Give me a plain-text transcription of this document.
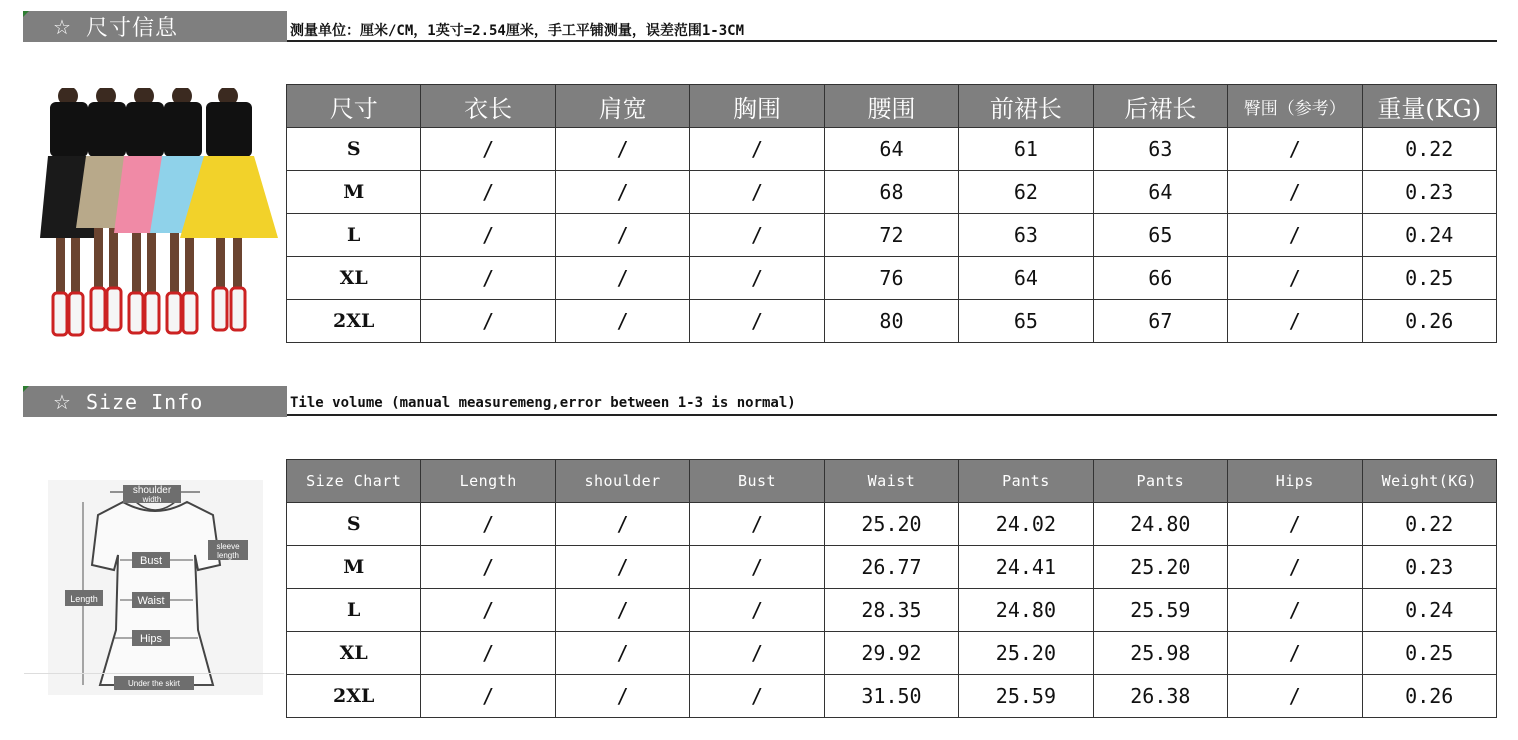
☆ 尺寸信息	测量单位：厘米/CM，1英寸=2.54厘米，手工平铺测量，误差范围1-3CM
尺寸	衣长	肩宽	胸围	腰围	前裙长	后裙长	臀围（参考）	重量(KG)
S	/	/	/	64	61	63	/	0.22
M	/	/	/	68	62	64	/	0.23
L	/	/	/	72	63	65	/	0.24
XL	/	/	/	76	64	66	/	0.25
2XL	/	/	/	80	65	67	/	0.26
☆ Size Info	Tile volume (manual measuremeng,error between 1-3 is normal)
shoulder
width
sleeve
length
Bust
Waist
Hips
Length
Under the skirt
Size Chart	Length	shoulder	Bust	Waist	Pants	Pants	Hips	Weight(KG)
S	/	/	/	25.20	24.02	24.80	/	0.22
M	/	/	/	26.77	24.41	25.20	/	0.23
L	/	/	/	28.35	24.80	25.59	/	0.24
XL	/	/	/	29.92	25.20	25.98	/	0.25
2XL	/	/	/	31.50	25.59	26.38	/	0.26
